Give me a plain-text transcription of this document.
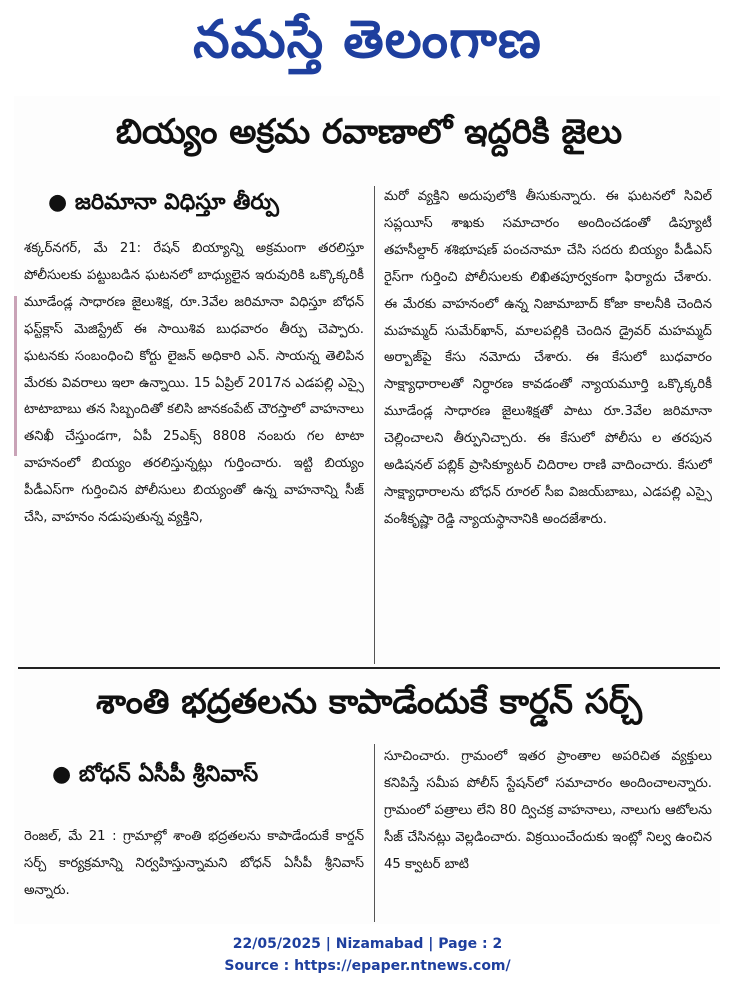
నమస్తే తెలంగాణ
బియ్యం అక్రమ రవాణాలో ఇద్దరికి జైలు
● జరిమానా విధిస్తూ తీర్పు

శక్కర్‌నగర్, మే 21: రేషన్ బియ్యాన్ని అక్రమంగా తరలిస్తూ పోలీసులకు పట్టుబడిన ఘటనలో బాధ్యులైన ఇరువురికి ఒక్కొక్కరికీ మూడేండ్ల సాధారణ జైలుశిక్ష, రూ.3వేల జరిమానా విధిస్తూ బోధన్ ఫస్ట్‌క్లాస్ మెజిస్ట్రేట్ ఈ సాయిశివ బుధవారం తీర్పు చెప్పారు. ఘటనకు సంబంధించి కోర్టు లైజన్ అధికారి ఎన్. సాయన్న తెలిపిన మేరకు వివరాలు ఇలా ఉన్నాయి. 15 ఏప్రిల్ 2017న ఎడపల్లి ఎస్సై టాటాబాబు తన సిబ్బందితో కలిసి జానకంపేట్ చౌరస్తాలో వాహనాలు తనిఖీ చేస్తుండగా, ఏపీ 25ఎక్స్ 8808 నంబరు గల టాటా వాహనంలో బియ్యం తరలిస్తున్నట్లు గుర్తించారు. ఇట్టి బియ్యం పీడీఎస్‌గా గుర్తించిన పోలీసులు బియ్యంతో ఉన్న వాహనాన్ని సీజ్ చేసి, వాహనం నడుపుతున్న వ్యక్తిని,

మరో వ్యక్తిని అదుపులోకి తీసుకున్నారు. ఈ ఘటనలో సివిల్ సప్లయీస్ శాఖకు సమాచారం అందించడంతో డిప్యూటీ తహసీల్దార్ శశిభూషణ్ పంచనామా చేసి సదరు బియ్యం పీడీఎస్ రైస్‌గా గుర్తించి పోలీసులకు లిఖితపూర్వకంగా ఫిర్యాదు చేశారు. ఈ మేరకు వాహనంలో ఉన్న నిజామాబాద్ కోజా కాలనీకి చెందిన మహమ్మద్ సుమేర్‌ఖాన్, మాలపల్లికి చెందిన డ్రైవర్ మహమ్మద్ అర్బాజ్‌పై కేసు నమోదు చేశారు. ఈ కేసులో బుధవారం సాక్ష్యాధారాలతో నిర్ధారణ కావడంతో న్యాయమూర్తి ఒక్కొక్కరికీ మూడేండ్ల సాధారణ జైలుశిక్షతో పాటు రూ.3వేల జరిమానా చెల్లించాలని తీర్పునిచ్చారు. ఈ కేసులో పోలీసు ల తరపున అడిషనల్ పబ్లిక్ ప్రాసిక్యూటర్ చిదిరాల రాణి వాదించారు. కేసులో సాక్ష్యాధారాలను బోధన్ రూరల్ సీఐ విజయ్‌బాబు, ఎడపల్లి ఎస్సై వంశీకృష్ణా రెడ్డి న్యాయస్థానానికి అందజేశారు.

శాంతి భద్రతలను కాపాడేందుకే కార్డన్ సర్చ్
● బోధన్ ఏసీపీ శ్రీనివాస్

రెంజల్, మే 21 : గ్రామాల్లో శాంతి భద్రతలను కాపాడేందుకే కార్డన్ సర్చ్ కార్యక్రమాన్ని నిర్వహిస్తున్నామని బోధన్ ఏసీపీ శ్రీనివాస్ అన్నారు.

సూచించారు. గ్రామంలో ఇతర ప్రాంతాల అపరిచిత వ్యక్తులు కనిపిస్తే సమీప పోలీస్ స్టేషన్‌లో సమాచారం అందించాలన్నారు. గ్రామంలో పత్రాలు లేని 80 ద్విచక్ర వాహనాలు, నాలుగు ఆటోలను సీజ్ చేసినట్లు వెల్లడించారు. విక్రయించేందుకు ఇంట్లో నిల్వ ఉంచిన 45 క్వాటర్ బాటి

22/05/2025 | Nizamabad | Page : 2
Source : https://epaper.ntnews.com/
